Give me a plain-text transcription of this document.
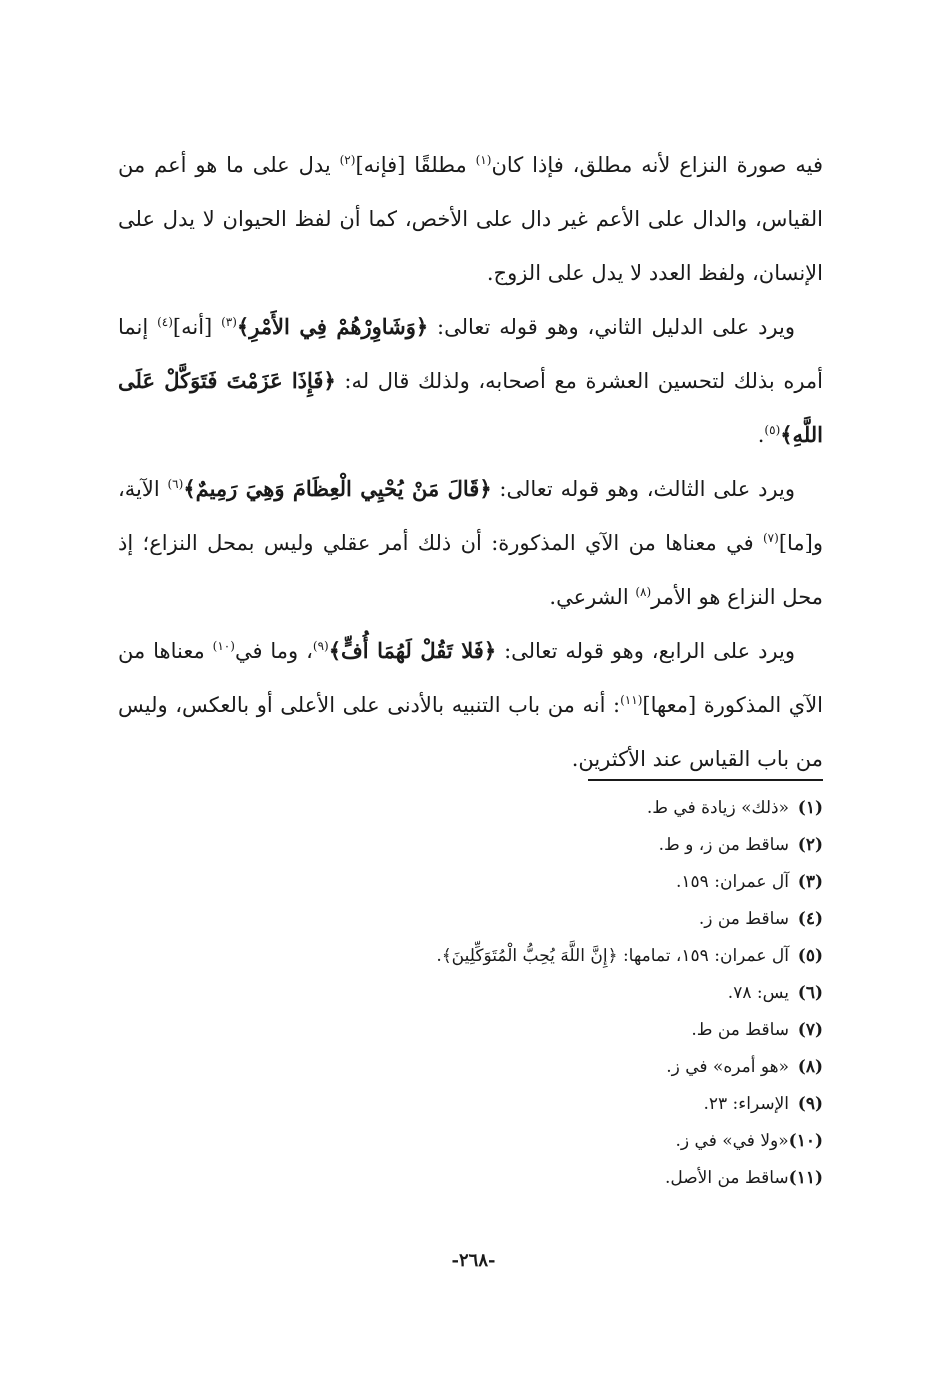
فيه صورة النزاع لأنه مطلق، فإذا كان$^{(١)}$ مطلقًا [فإنه]$^{(٢)}$ يدل على ما هو أعم من القياس، والدال على الأعم غير دال على الأخص، كما أن لفظ الحيوان لا يدل على الإنسان، ولفظ العدد لا يدل على الزوج.

ويرد على الدليل الثاني، وهو قوله تعالى: ﴿وَشَاوِرْهُمْ فِي الأَمْرِ﴾$^{(٣)}$ [أنه]$^{(٤)}$ إنما أمره بذلك لتحسين العشرة مع أصحابه، ولذلك قال له: ﴿فَإِذَا عَزَمْتَ فَتَوَكَّلْ عَلَى اللَّهِ﴾$^{(٥)}$.

ويرد على الثالث، وهو قوله تعالى: ﴿قَالَ مَنْ يُحْيِي الْعِظَامَ وَهِيَ رَمِيمٌ﴾$^{(٦)}$ الآية، و[ما]$^{(٧)}$ في معناها من الآي المذكورة: أن ذلك أمر عقلي وليس بمحل النزاع؛ إذ محل النزاع هو الأمر$^{(٨)}$ الشرعي.

ويرد على الرابع، وهو قوله تعالى: ﴿فَلا تَقُلْ لَهُمَا أُفٍّ﴾$^{(٩)}$، وما في$^{(١٠)}$ معناها من الآي المذكورة [معها]$^{(١١)}$: أنه من باب التنبيه بالأدنى على الأعلى أو بالعكس، وليس من باب القياس عند الأكثرين.

(١)«ذلك» زيادة في ط.
(٢)ساقط من ز، و ط.
(٣)آل عمران: ١٥٩.
(٤)ساقط من ز.
(٥)آل عمران: ١٥٩، تمامها: ﴿إِنَّ اللَّهَ يُحِبُّ الْمُتَوَكِّلِينَ﴾.
(٦)يس: ٧٨.
(٧)ساقط من ط.
(٨)«هو أمره» في ز.
(٩)الإسراء: ٢٣.
(١٠)«ولا في» في ز.
(١١)ساقط من الأصل.
-٢٦٨-
